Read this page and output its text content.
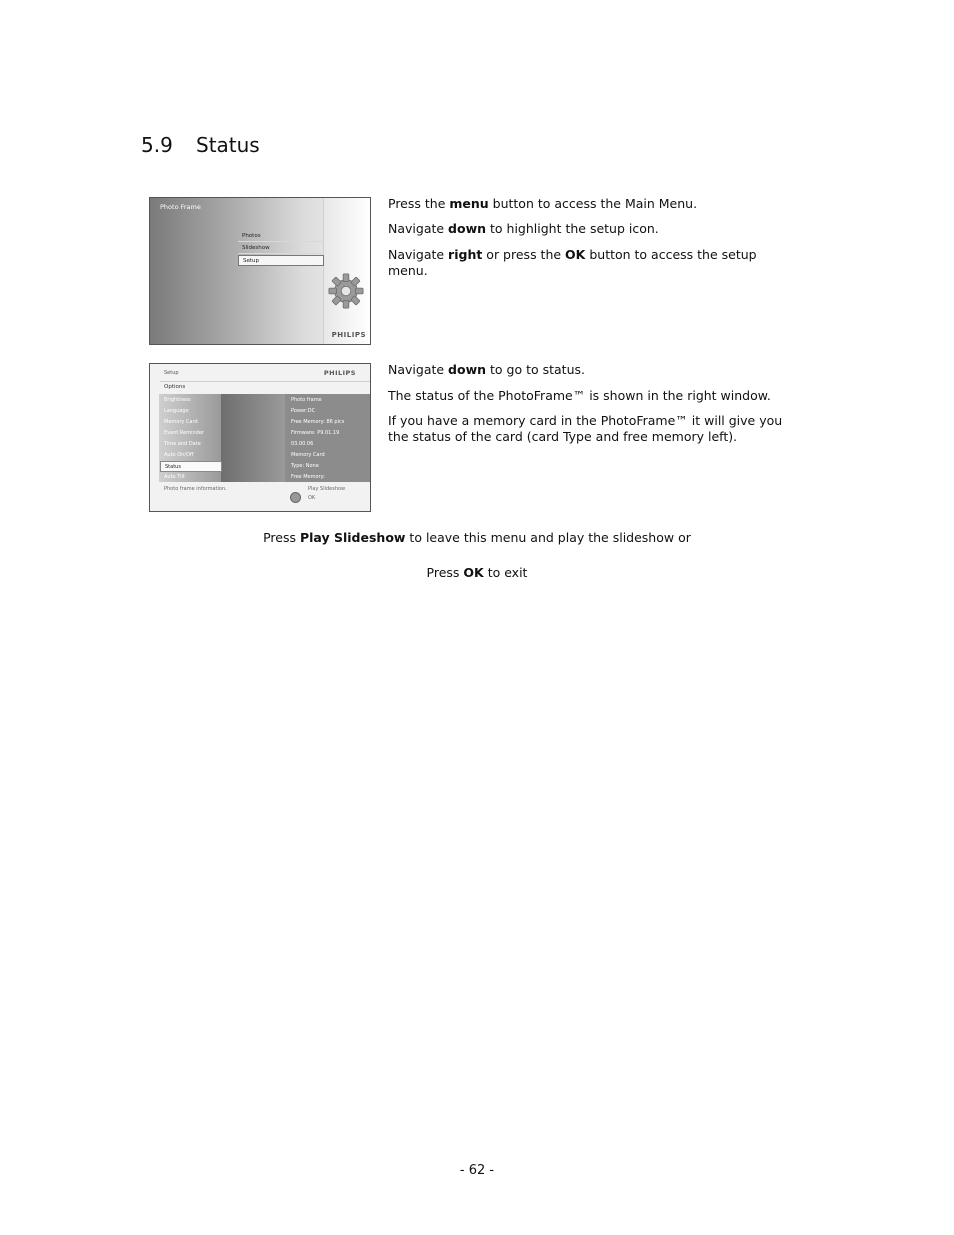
5.9 Status
Photo Frame
Photos
Slideshow
Setup
PHILIPS
Press the menu button to access the Main Menu.
Navigate down to highlight the setup icon.
Navigate right or press the OK button to access the setup menu.
Setup	PHILIPS
Options
Brightness
Language
Memory Card
Event Reminder
Time and Date
Auto On/Off
Status
Auto Tilt
Photo frame
Power:DC
Free Memory: 86 pics
Firmware: P9.01.19
03.00.06
Memory Card
Type: None
Free Memory:
Photo frame information.	Play Slideshow
OK
Navigate down to go to status.
The status of the PhotoFrame™ is shown in the right window.
If you have a memory card in the PhotoFrame™ it will give you the status of the card (card Type and free memory left).
Press Play Slideshow to leave this menu and play the slideshow or
Press OK to exit
- 62 -
